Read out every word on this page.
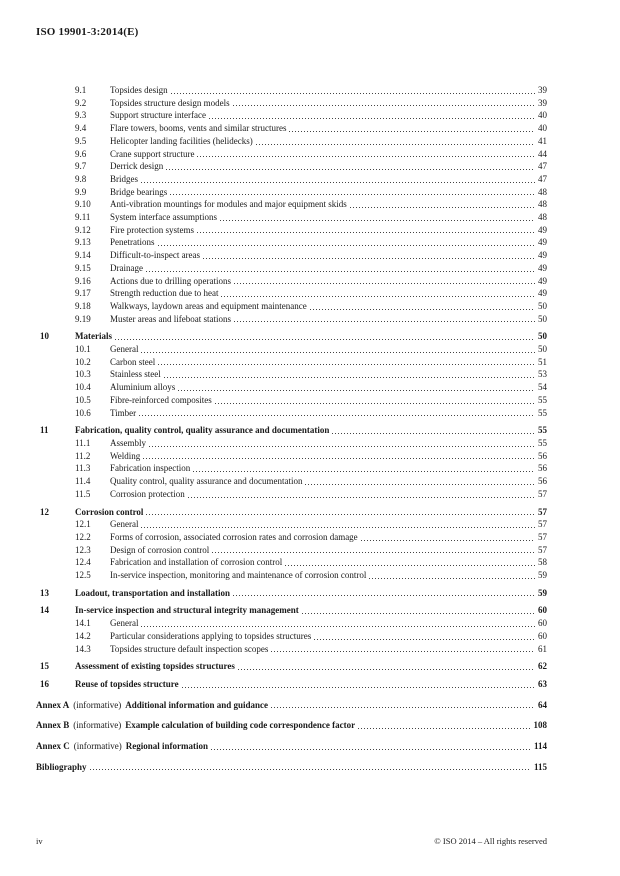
ISO 19901-3:2014(E)
9.1	Topsides design	39
9.2	Topsides structure design models	39
9.3	Support structure interface	40
9.4	Flare towers, booms, vents and similar structures	40
9.5	Helicopter landing facilities (helidecks)	41
9.6	Crane support structure	44
9.7	Derrick design	47
9.8	Bridges	47
9.9	Bridge bearings	48
9.10	Anti-vibration mountings for modules and major equipment skids	48
9.11	System interface assumptions	48
9.12	Fire protection systems	49
9.13	Penetrations	49
9.14	Difficult-to-inspect areas	49
9.15	Drainage	49
9.16	Actions due to drilling operations	49
9.17	Strength reduction due to heat	49
9.18	Walkways, laydown areas and equipment maintenance	50
9.19	Muster areas and lifeboat stations	50
10	Materials	50
10.1	General	50
10.2	Carbon steel	51
10.3	Stainless steel	53
10.4	Aluminium alloys	54
10.5	Fibre-reinforced composites	55
10.6	Timber	55
11	Fabrication, quality control, quality assurance and documentation	55
11.1	Assembly	55
11.2	Welding	56
11.3	Fabrication inspection	56
11.4	Quality control, quality assurance and documentation	56
11.5	Corrosion protection	57
12	Corrosion control	57
12.1	General	57
12.2	Forms of corrosion, associated corrosion rates and corrosion damage	57
12.3	Design of corrosion control	57
12.4	Fabrication and installation of corrosion control	58
12.5	In-service inspection, monitoring and maintenance of corrosion control	59
13	Loadout, transportation and installation	59
14	In-service inspection and structural integrity management	60
14.1	General	60
14.2	Particular considerations applying to topsides structures	60
14.3	Topsides structure default inspection scopes	61
15	Assessment of existing topsides structures	62
16	Reuse of topsides structure	63
Annex A (informative) Additional information and guidance	64
Annex B (informative) Example calculation of building code correspondence factor	108
Annex C (informative) Regional information	114
Bibliography	115
iv	© ISO 2014 – All rights reserved
